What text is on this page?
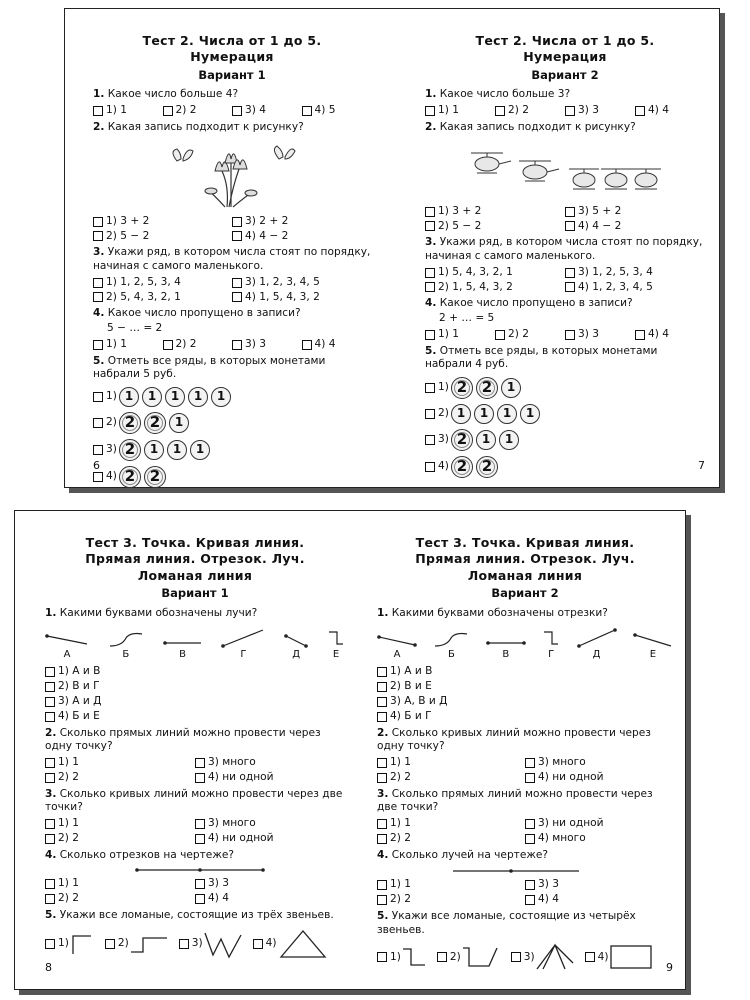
Тест 2. Числа от 1 до 5.
Нумерация
Вариант 1
1. Какое число больше 4?
1) 1	2) 2	3) 4	4) 5
2. Какая запись подходит к рисунку?
1) 3 + 2	3) 2 + 2
2) 5 − 2	4) 4 − 2
3. Укажи ряд, в котором числа стоят по порядку, начиная с самого маленького.
1) 1, 2, 5, 3, 4	3) 1, 2, 3, 4, 5
2) 5, 4, 3, 2, 1	4) 1, 5, 4, 3, 2
4. Какое число пропущено в записи?
5 − … = 2
1) 1	2) 2	3) 3	4) 4
5. Отметь все ряды, в которых монетами набрали 5 руб.
1) 1	1	1	1	1
2) 2 2	1
3) 2	1	1	1
4) 2 2
6
Тест 2. Числа от 1 до 5.
Нумерация
Вариант 2
1. Какое число больше 3?
1) 1	2) 2	3) 3	4) 4
2. Какая запись подходит к рисунку?
1) 3 + 2	3) 5 + 2
2) 5 − 2	4) 4 − 2
3. Укажи ряд, в котором числа стоят по порядку, начиная с самого маленького.
1) 5, 4, 3, 2, 1	3) 1, 2, 5, 3, 4
2) 1, 5, 4, 3, 2	4) 1, 2, 3, 4, 5
4. Какое число пропущено в записи?
2 + … = 5
1) 1	2) 2	3) 3	4) 4
5. Отметь все ряды, в которых монетами набрали 4 руб.
1) 2 2	1
2) 1	1	1	1
3) 2	1	1
4) 2 2	7
Тест 3. Точка. Кривая линия.
Прямая линия. Отрезок. Луч.
Ломаная линия
Вариант 1
1. Какими буквами обозначены лучи?
А	Б	В	Г	Д	Е
1) А и В
2) В и Г
3) А и Д
4) Б и Е
2. Сколько прямых линий можно провести через одну точку?
1) 1	3) много
2) 2	4) ни одной
3. Сколько кривых линий можно провести через две точки?
1) 1	3) много
2) 2	4) ни одной
4. Сколько отрезков на чертеже?
1) 1	3) 3
2) 2	4) 4
5. Укажи все ломаные, состоящие из трёх звеньев.
1)	2)	3)	4)
8
Тест 3. Точка. Кривая линия.
Прямая линия. Отрезок. Луч.
Ломаная линия
Вариант 2
1. Какими буквами обозначены отрезки?
А	Б	В	Г	Д	Е
1) А и В
2) В и Е
3) А, В и Д
4) Б и Г
2. Сколько кривых линий можно провести через одну точку?
1) 1	3) много
2) 2	4) ни одной
3. Сколько прямых линий можно провести через две точки?
1) 1	3) ни одной
2) 2	4) много
4. Сколько лучей на чертеже?
1) 1	3) 3
2) 2	4) 4
5. Укажи все ломаные, состоящие из четырёх звеньев.
1)	2)	3)	4)
9
